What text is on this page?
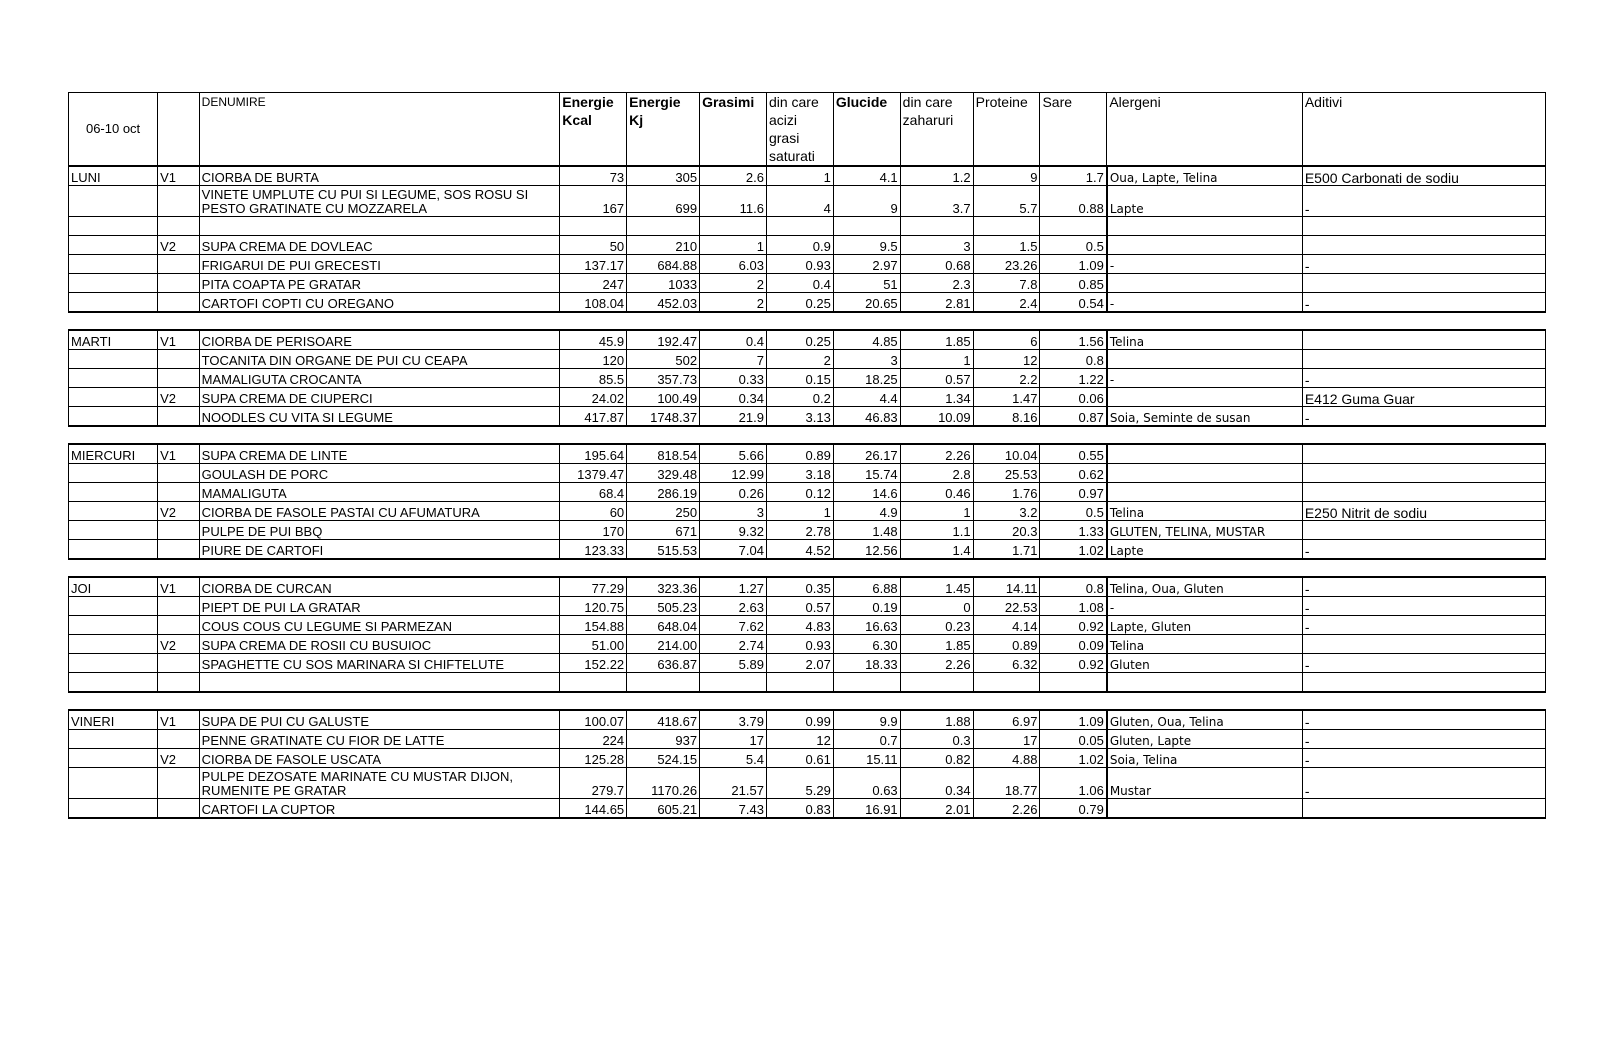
06-10 oct		DENUMIRE	Energie Kcal	Energie Kj	Grasimi	din care acizi grasi saturati	Glucide	din care zaharuri	Proteine	Sare	Alergeni	Aditivi
LUNI	V1	CIORBA DE BURTA	73	305	2.6	1	4.1	1.2	9	1.7	Oua, Lapte, Telina	E500 Carbonati de sodiu
		VINETE UMPLUTE CU PUI SI LEGUME, SOS ROSU SI PESTO GRATINATE CU MOZZARELA	167	699	11.6	4	9	3.7	5.7	0.88	Lapte	-

	V2	SUPA CREMA DE DOVLEAC	50	210	1	0.9	9.5	3	1.5	0.5		
		FRIGARUI DE PUI GRECESTI	137.17	684.88	6.03	0.93	2.97	0.68	23.26	1.09	-	-
		PITA COAPTA PE GRATAR	247	1033	2	0.4	51	2.3	7.8	0.85		
		CARTOFI COPTI CU OREGANO	108.04	452.03	2	0.25	20.65	2.81	2.4	0.54	-	-

MARTI	V1	CIORBA DE PERISOARE	45.9	192.47	0.4	0.25	4.85	1.85	6	1.56	Telina	
		TOCANITA DIN ORGANE DE PUI CU CEAPA	120	502	7	2	3	1	12	0.8		
		MAMALIGUTA CROCANTA	85.5	357.73	0.33	0.15	18.25	0.57	2.2	1.22	-	-
	V2	SUPA CREMA DE CIUPERCI	24.02	100.49	0.34	0.2	4.4	1.34	1.47	0.06		E412 Guma Guar
		NOODLES CU VITA SI LEGUME	417.87	1748.37	21.9	3.13	46.83	10.09	8.16	0.87	Soia, Seminte de susan	-

MIERCURI	V1	SUPA CREMA DE LINTE	195.64	818.54	5.66	0.89	26.17	2.26	10.04	0.55		
		GOULASH DE PORC	1379.47	329.48	12.99	3.18	15.74	2.8	25.53	0.62		
		MAMALIGUTA	68.4	286.19	0.26	0.12	14.6	0.46	1.76	0.97		
	V2	CIORBA DE FASOLE PASTAI CU AFUMATURA	60	250	3	1	4.9	1	3.2	0.5	Telina	E250 Nitrit de sodiu
		PULPE DE PUI BBQ	170	671	9.32	2.78	1.48	1.1	20.3	1.33	GLUTEN, TELINA, MUSTAR	
		PIURE DE CARTOFI	123.33	515.53	7.04	4.52	12.56	1.4	1.71	1.02	Lapte	-

JOI	V1	CIORBA DE CURCAN	77.29	323.36	1.27	0.35	6.88	1.45	14.11	0.8	Telina, Oua, Gluten	-
		PIEPT DE PUI LA GRATAR	120.75	505.23	2.63	0.57	0.19	0	22.53	1.08	-	-
		COUS COUS CU LEGUME SI PARMEZAN	154.88	648.04	7.62	4.83	16.63	0.23	4.14	0.92	Lapte, Gluten	-
	V2	SUPA CREMA DE ROSII CU BUSUIOC	51.00	214.00	2.74	0.93	6.30	1.85	0.89	0.09	Telina	
		SPAGHETTE CU SOS MARINARA SI CHIFTELUTE	152.22	636.87	5.89	2.07	18.33	2.26	6.32	0.92	Gluten	-

VINERI	V1	SUPA DE PUI CU GALUSTE	100.07	418.67	3.79	0.99	9.9	1.88	6.97	1.09	Gluten, Oua, Telina	-
		PENNE GRATINATE CU FIOR DE LATTE	224	937	17	12	0.7	0.3	17	0.05	Gluten, Lapte	-
	V2	CIORBA DE FASOLE USCATA	125.28	524.15	5.4	0.61	15.11	0.82	4.88	1.02	Soia, Telina	-
		PULPE DEZOSATE MARINATE CU MUSTAR DIJON, RUMENITE PE GRATAR	279.7	1170.26	21.57	5.29	0.63	0.34	18.77	1.06	Mustar	-
		CARTOFI LA CUPTOR	144.65	605.21	7.43	0.83	16.91	2.01	2.26	0.79		
